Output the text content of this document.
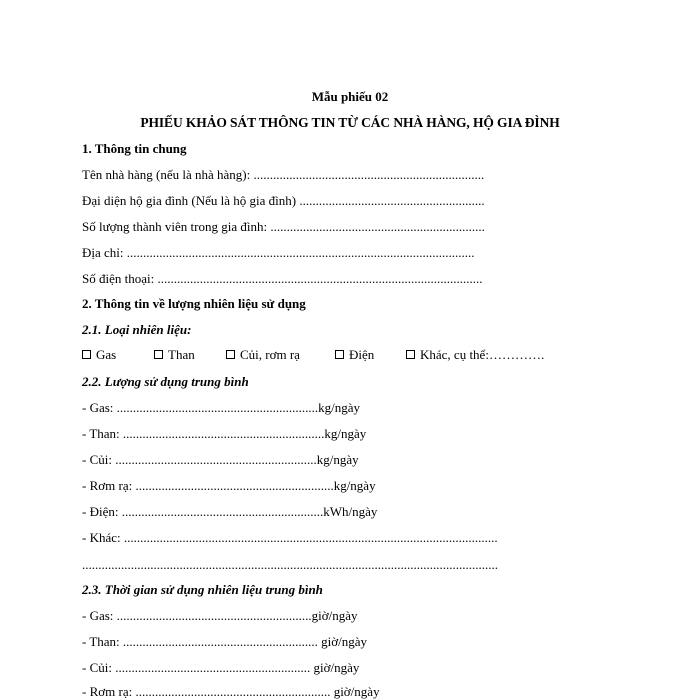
Mẫu phiếu 02
PHIẾU KHẢO SÁT THÔNG TIN TỪ CÁC NHÀ HÀNG, HỘ GIA ĐÌNH
1. Thông tin chung
Tên nhà hàng (nếu là nhà hàng): .......................................................................
Đại diện hộ gia đình (Nếu là hộ gia đình) .........................................................
Số lượng thành viên trong gia đình: ..................................................................
Địa chỉ: ...........................................................................................................
Số điện thoại: ....................................................................................................
2. Thông tin về lượng nhiên liệu sử dụng
2.1. Loại nhiên liệu:
Gas	Than	Củi, rơm rạ	Điện	Khác, cụ thể:………….
2.2. Lượng sử dụng trung bình
- Gas: ..............................................................kg/ngày
- Than: ..............................................................kg/ngày
- Củi: ..............................................................kg/ngày
- Rơm rạ: .............................................................kg/ngày
- Điện: ..............................................................kWh/ngày
- Khác: ...................................................................................................................
................................................................................................................................
2.3. Thời gian sử dụng nhiên liệu trung bình
- Gas: ............................................................giờ/ngày
- Than: ............................................................ giờ/ngày
- Củi: ............................................................ giờ/ngày
- Rơm rạ: ............................................................ giờ/ngày
